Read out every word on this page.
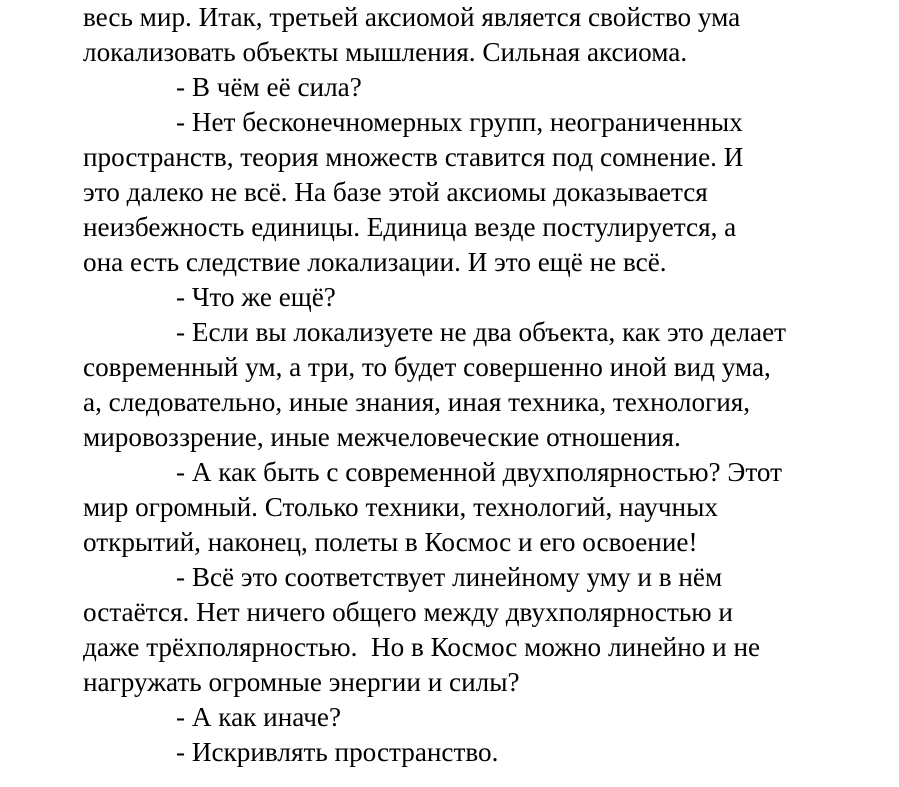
весь мир. Итак, третьей аксиомой является свойство ума
локализовать объекты мышления. Сильная аксиома.
- В чём её сила?
- Нет бесконечномерных групп, неограниченных
пространств, теория множеств ставится под сомнение. И
это далеко не всё. На базе этой аксиомы доказывается
неизбежность единицы. Единица везде постулируется, а
она есть следствие локализации. И это ещё не всё.
- Что же ещё?
- Если вы локализуете не два объекта, как это делает
современный ум, а три, то будет совершенно иной вид ума,
а, следовательно, иные знания, иная техника, технология,
мировоззрение, иные межчеловеческие отношения.
- А как быть с современной двухполярностью? Этот
мир огромный. Столько техники, технологий, научных
открытий, наконец, полеты в Космос и его освоение!
- Всё это соответствует линейному уму и в нём
остаётся. Нет ничего общего между двухполярностью и
даже трёхполярностью.  Но в Космос можно линейно и не
нагружать огромные энергии и силы?
- А как иначе?
- Искривлять пространство.
